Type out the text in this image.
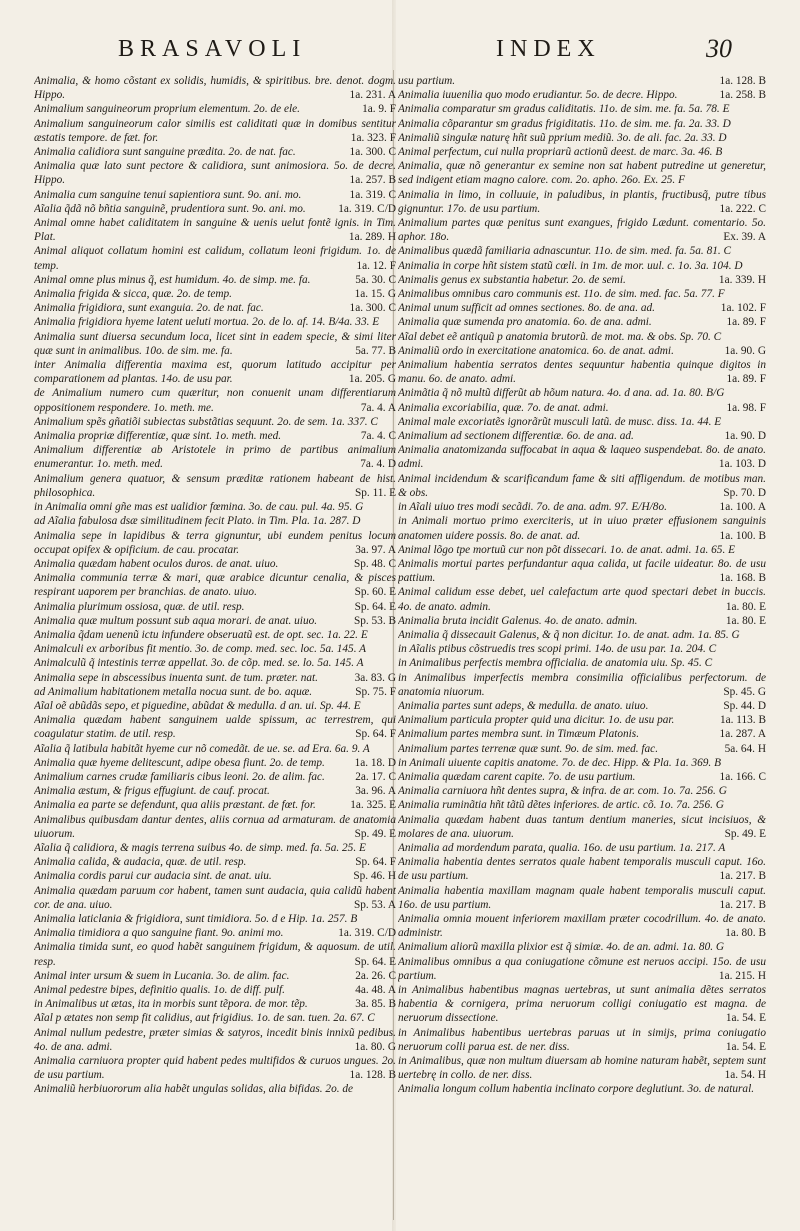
BRASAVOLI	INDEX	30

Animalia, & homo cõstant ex solidis, humidis, & spiritibus. bre. denot. dogm. Hippo.	1a. 231. A

Animalium sanguineorum proprium elementum. 2o. de ele.	1a. 9. F

Animalium sanguineorum calor similis est caliditati quæ in domibus sentitur æstatis tempore. de fæt. for.	1a. 323. F

Animalia calidiora sunt sanguine prædita. 2o. de nat. fac.	1a. 300. C

Animalia quæ lato sunt pectore & calidiora, sunt animosiora. 5o. de decre. Hippo.	1a. 257. B

Animalia cum sanguine tenui sapientiora sunt. 9o. ani. mo.	1a. 319. C

Aĩalia q̃dã nõ bñtia sanguinẽ, prudentiora sunt. 9o. ani. mo.	1a. 319. C/D

Animal omne habet caliditatem in sanguine & uenis uelut fontẽ ignis. in Tim. Plat.	1a. 289. H

Animal aliquot collatum homini est calidum, collatum leoni frigidum. 1o. de temp.	1a. 12. F

Animal omne plus minus q̃, est humidum. 4o. de simp. me. fa.	5a. 30. C

Animalia frigida & sicca, quæ. 2o. de temp.	1a. 15. G

Animalia frigidiora, sunt exanguia. 2o. de nat. fac.	1a. 300. C

Animalia frigidiora hyeme latent ueluti mortua. 2o. de lo. af. 14. B/4a. 33. E

Animalia sunt diuersa secundum loca, licet sint in eadem specie, & simi liter quæ sunt in animalibus. 10o. de sim. me. fa.	5a. 77. B

inter Animalia differentia maxima est, quorum latitudo accipitur per comparationem ad plantas. 14o. de usu par.	1a. 205. G

de Animalium numero cum quæritur, non conuenit unam differentiarum oppositionem respondere. 1o. meth. me.	7a. 4. A

Animalium spẽs gñatiõi subiectas substãtias sequunt. 2o. de sem. 1a. 337. C

Animalia propriæ differentiæ, quæ sint. 1o. meth. med.	7a. 4. C

Animalium differentiæ ab Aristotele in primo de partibus animalium enumerantur. 1o. meth. med.	7a. 4. D

Animalium genera quatuor, & sensum præditæ rationem habeant de hist. philosophica.	Sp. 11. E

in Animalia omni gñe mas est ualidior fœmina. 3o. de cau. pul. 4a. 95. G

ad Aĩalia fabulosa dsæ similitudinem fecit Plato. in Tim. Pla. 1a. 287. D

Animalia sepe in lapidibus & terra gignuntur, ubi eundem penitus locum occupat opifex & opificium. de cau. procatar.	3a. 97. A

Animalia quædam habent oculos duros. de anat. uiuo.	Sp. 48. C

Animalia communia terræ & mari, quæ arabice dicuntur cenalia, & pisces respirant uaporem per branchias. de anato. uiuo.	Sp. 60. E

Animalia plurimum ossiosa, quæ. de util. resp.	Sp. 64. E

Animalia quæ multum possunt sub aqua morari. de anat. uiuo.	Sp. 53. B

Animalia q̃dam uenenũ ictu infundere obseruatũ est. de opt. sec. 1a. 22. E

Animalculi ex arboribus fit mentio. 3o. de comp. med. sec. loc. 5a. 145. A

Animalculũ q̃ intestinis terræ appellat. 3o. de cõp. med. se. lo. 5a. 145. A

Animalia sepe in abscessibus inuenta sunt. de tum. præter. nat.	3a. 83. G

ad Animalium habitationem metalla nocua sunt. de bo. aquæ.	Sp. 75. F

Aĩal oẽ abũdãs sepo, et piguedine, abũdat & medulla. d an. ui. Sp. 44. E

Animalia quædam habent sanguinem ualde spissum, ac terrestrem, qui coagulatur statim. de util. resp.	Sp. 64. F

Aĩalia q̃ latibula habitãt hyeme cur nõ comedãt. de ue. se. ad Era. 6a. 9. A

Animalia quæ hyeme delitescunt, adipe obesa fiunt. 2o. de temp.	1a. 18. D

Animalium carnes crudæ familiaris cibus leoni. 2o. de alim. fac.	2a. 17. C

Animalia æstum, & frigus effugiunt. de cauf. procat.	3a. 96. A

Animalia ea parte se defendunt, qua aliis præstant. de fœt. for.	1a. 325. E

Animalibus quibusdam dantur dentes, aliis cornua ad armaturam. de anatomia uiuorum.	Sp. 49. E

Aĩalia q̃ calidiora, & magis terrena suibus 4o. de simp. med. fa. 5a. 25. E

Animalia calida, & audacia, quæ. de util. resp.	Sp. 64. F

Animalia cordis parui cur audacia sint. de anat. uiu.	Sp. 46. H

Animalia quædam paruum cor habent, tamen sunt audacia, quia calidũ habent cor. de ana. uiuo.	Sp. 53. A

Animalia laticlania & frigidiora, sunt timidiora. 5o. d e Hip. 1a. 257. B

Animalia timidiora a quo sanguine fiant. 9o. animi mo.	1a. 319. C/D

Animalia timida sunt, eo quod habẽt sanguinem frigidum, & aquosum. de util. resp.	Sp. 64. E

Animal inter ursum & suem in Lucania. 3o. de alim. fac.	2a. 26. C

Animal pedestre bipes, definitio qualis. 1o. de diff. pulf.	4a. 48. A

in Animalibus ut ætas, ita in morbis sunt tẽpora. de mor. tẽp.	3a. 85. B

Aĩal p ætates non semp fit calidius, aut frigidius. 1o. de san. tuen. 2a. 67. C

Animal nullum pedestre, præter simias & satyros, incedit binis innixũ pedibus. 4o. de ana. admi.	1a. 80. G

Animalia carniuora propter quid habent pedes multifidos & curuos ungues. 2o. de usu partium.	1a. 128. B

Animaliũ herbiuororum alia habẽt ungulas solidas, alia bifidas. 2o. de

usu partium.	1a. 128. B

Animalia iuuenilia quo modo erudiantur. 5o. de decre. Hippo.	1a. 258. B

Animalia comparatur sm gradus caliditatis. 11o. de sim. me. fa. 5a. 78. E

Animalia cõparantur sm gradus frigiditatis. 11o. de sim. me. fa. 2a. 33. D

Animaliũ singulæ naturę hñt suũ pprium mediũ. 3o. de ali. fac. 2a. 33. D

Animal perfectum, cui nulla propriarũ actionũ deest. de marc. 3a. 46. B

Animalia, quæ nõ generantur ex semine non sat habent putredine ut generetur, sed indigent etiam magno calore. com. 2o. apho. 26o. Ex. 25. F

Animalia in limo, in colluuie, in paludibus, in plantis, fructibusq̃, putre tibus gignuntur. 17o. de usu partium.	1a. 222. C

Animalium partes quæ penitus sunt exangues, frigido Lædunt. comentario. 5o. aphor. 18o.	Ex. 39. A

Animalibus quædã familiaria adnascuntur. 11o. de sim. med. fa. 5a. 81. C

Animalia in corpe hñt sistem statũ cœli. in 1m. de mor. uul. c. 1o. 3a. 104. D

Animalis genus ex substantia habetur. 2o. de semi.	1a. 339. H

Animalibus omnibus caro communis est. 11o. de sim. med. fac. 5a. 77. F

Animal unum sufficit ad omnes sectiones. 8o. de ana. ad.	1a. 102. F

Animalia quæ sumenda pro anatomia. 6o. de ana. admi.	1a. 89. F

Aĩal debet eẽ antiquũ p anatomia brutorũ. de mot. ma. & obs. Sp. 70. C

Animaliũ ordo in exercitatione anatomica. 6o. de anat. admi.	1a. 90. G

Animalium habentia serratos dentes sequuntur habentia quinque digitos in manu. 6o. de anato. admi.	1a. 89. F

Animãtia q̃ nõ multũ differũt ab hõum natura. 4o. d ana. ad. 1a. 80. B/G

Animalia excoriabilia, quæ. 7o. de anat. admi.	1a. 98. F

Animal male excoriatẽs ignorãrũt musculi latũ. de musc. diss. 1a. 44. E

Animalium ad sectionem differentiæ. 6o. de ana. ad.	1a. 90. D

Animalia anatomizanda suffocabat in aqua & laqueo suspendebat. 8o. de anato. admi.	1a. 103. D

Animal incidendum & scarificandum fame & siti affligendum. de motibus man. & obs.	Sp. 70. D

in Aĩali uiuo tres modi secãdi. 7o. de ana. adm. 97. E/H/8o.	1a. 100. A

in Animali mortuo primo exerciteris, ut in uiuo præter effusionem sanguinis anatomen uidere possis. 8o. de anat. ad.	1a. 100. B

Animal lõgo tpe mortuũ cur non põt dissecari. 1o. de anat. admi. 1a. 65. E

Animalis mortui partes perfundantur aqua calida, ut facile uideatur. 8o. de usu pattium.	1a. 168. B

Animal calidum esse debet, uel calefactum arte quod spectari debet in buccis. 4o. de anato. admin.	1a. 80. E

Animalia bruta incidit Galenus. 4o. de anato. admin.	1a. 80. E

Animalia q̃ dissecauit Galenus, & q̃ non dicitur. 1o. de anat. adm. 1a. 85. G

in Aĩalis ptibus cõstruedis tres scopi primi. 14o. de usu par. 1a. 204. C

in Animalibus perfectis membra officialia. de anatomia uiu. Sp. 45. C

in Animalibus imperfectis membra consimilia officialibus perfectorum. de anatomia niuorum.	Sp. 45. G

Animalia partes sunt adeps, & medulla. de anato. uiuo.	Sp. 44. D

Animalium particula propter quid una dicitur. 1o. de usu par.	1a. 113. B

Animalium partes membra sunt. in Timæum Platonis.	1a. 287. A

Animalium partes terrenæ quæ sunt. 9o. de sim. med. fac.	5a. 64. H

in Animali uiuente capitis anatome. 7o. de dec. Hipp. & Pla. 1a. 369. B

Animalia quædam carent capite. 7o. de usu partium.	1a. 166. C

Animalia carniuora hñt dentes supra, & infra. de ar. com. 1o. 7a. 256. G

Animalia ruminãtia hñt tãtũ dẽtes inferiores. de artic. cõ. 1o. 7a. 256. G

Animalia quædam habent duas tantum dentium maneries, sicut incisiuos, & molares de ana. uiuorum.	Sp. 49. E

Animalia ad mordendum parata, qualia. 16o. de usu partium. 1a. 217. A

Animalia habentia dentes serratos quale habent temporalis musculi caput. 16o. de usu partium.	1a. 217. B

Animalia habentia maxillam magnam quale habent temporalis musculi caput. 16o. de usu partium.	1a. 217. B

Animalia omnia mouent inferiorem maxillam præter cocodrillum. 4o. de anato. administr.	1a. 80. B

Animalium aliorũ maxilla plixior est q̃ simiæ. 4o. de an. admi. 1a. 80. G

Animalibus omnibus a qua coniugatione cõmune est neruos accipi. 15o. de usu partium.	1a. 215. H

in Animalibus habentibus magnas uertebras, ut sunt animalia dẽtes serratos habentia & cornigera, prima neruorum colligi coniugatio est magna. de neruorum dissectione.	1a. 54. E

in Animalibus habentibus uertebras paruas ut in simijs, prima coniugatio neruorum colli parua est. de ner. diss.	1a. 54. E

in Animalibus, quæ non multum diuersam ab homine naturam habẽt, septem sunt uertebrę in collo. de ner. diss.	1a. 54. H

Animalia longum collum habentia inclinato corpore deglutiunt. 3o. de natural.
